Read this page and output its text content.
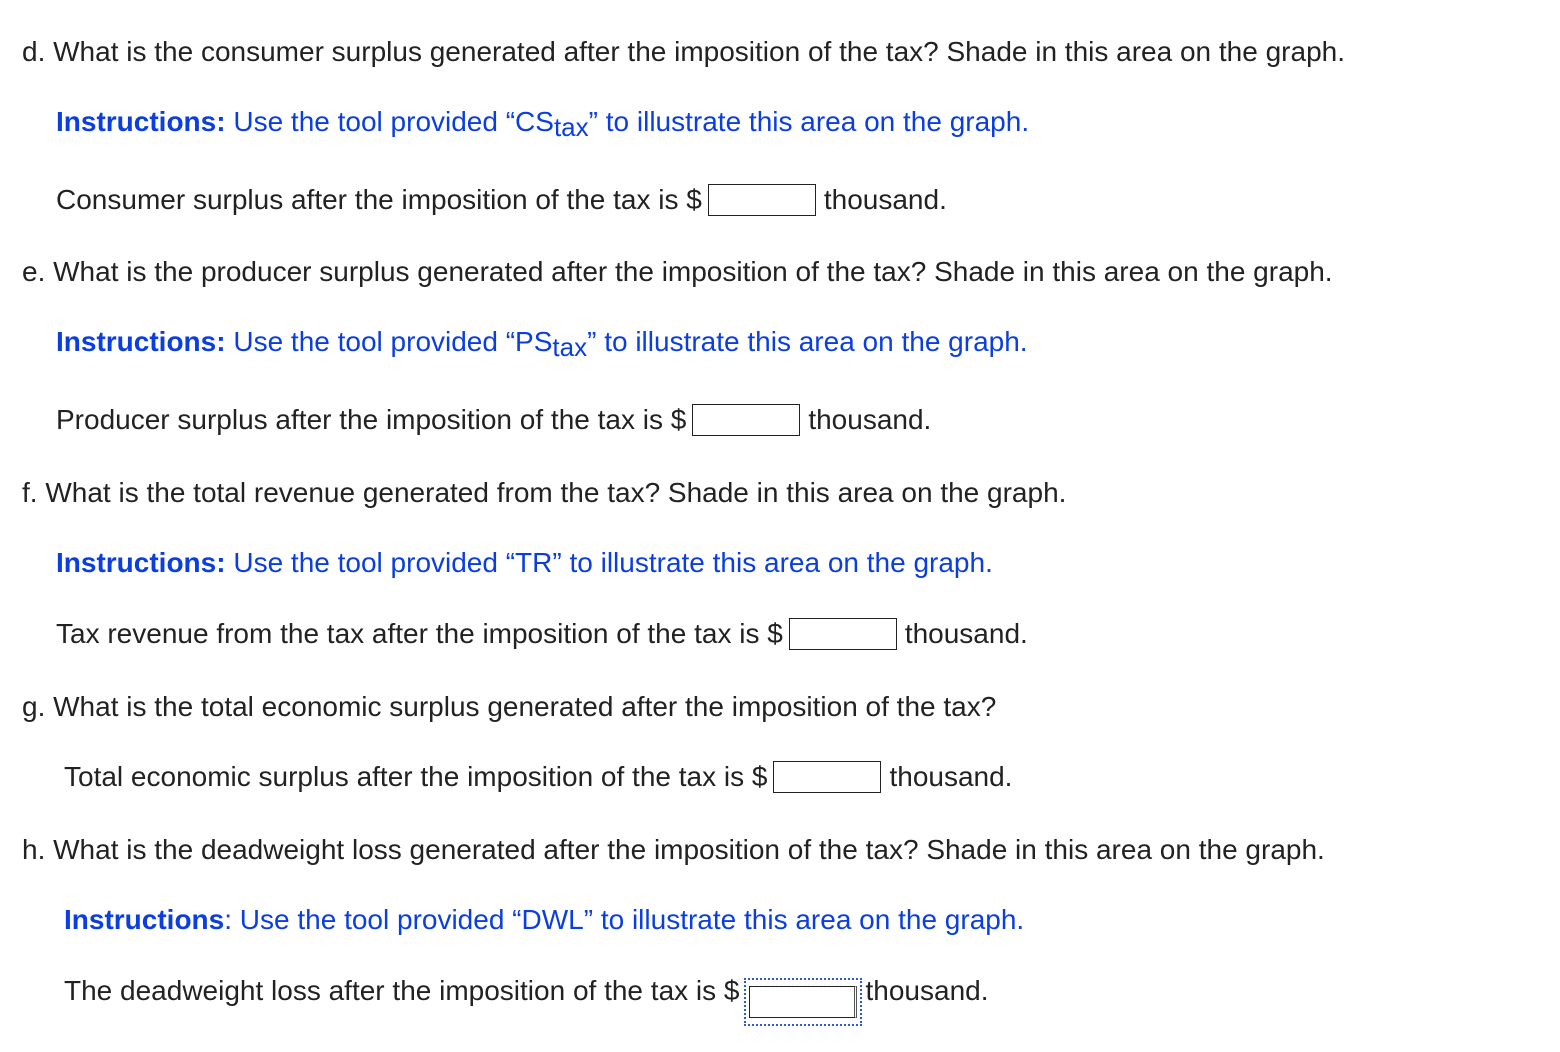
d. What is the consumer surplus generated after the imposition of the tax? Shade in this area on the graph.
Instructions: Use the tool provided “$CS_{tax}$” to illustrate this area on the graph.
Consumer surplus after the imposition of the tax is $	thousand.
e. What is the producer surplus generated after the imposition of the tax? Shade in this area on the graph.
Instructions: Use the tool provided “$PS_{tax}$” to illustrate this area on the graph.
Producer surplus after the imposition of the tax is $	thousand.
f. What is the total revenue generated from the tax? Shade in this area on the graph.
Instructions: Use the tool provided “TR” to illustrate this area on the graph.
Tax revenue from the tax after the imposition of the tax is $	thousand.
g. What is the total economic surplus generated after the imposition of the tax?
Total economic surplus after the imposition of the tax is $	thousand.
h. What is the deadweight loss generated after the imposition of the tax? Shade in this area on the graph.
Instructions: Use the tool provided “DWL” to illustrate this area on the graph.
The deadweight loss after the imposition of the tax is $	thousand.
